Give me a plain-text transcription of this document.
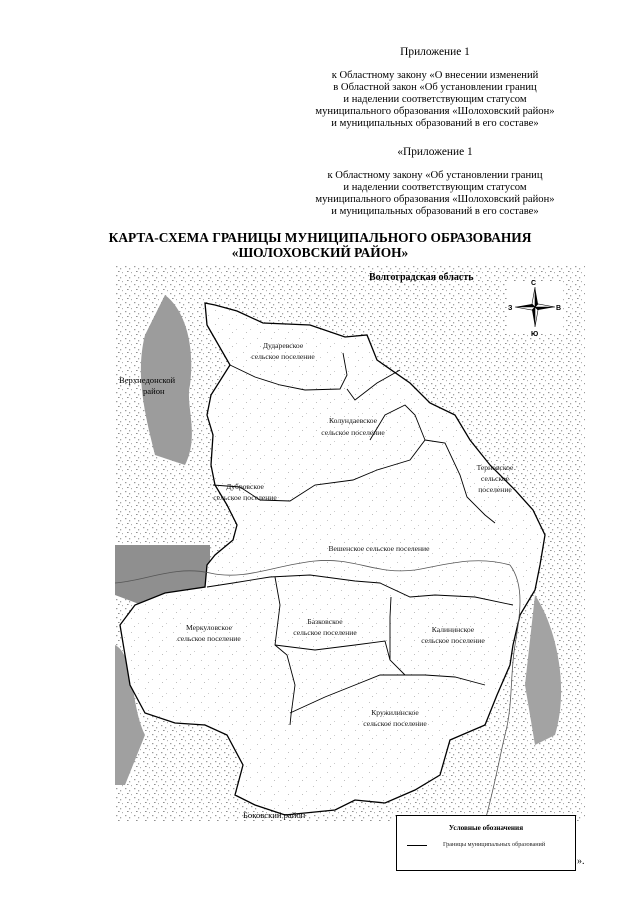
Приложение 1
к Областному закону «О внесении изменений
в Областной закон «Об установлении границ
и наделении соответствующим статусом
муниципального образования «Шолоховский район»
и муниципальных образований в его составе»
«Приложение 1
к Областному закону «Об установлении границ
и наделении соответствующим статусом
муниципального образования «Шолоховский район»
и муниципальных образований в его составе»
КАРТА-СХЕМА ГРАНИЦЫ МУНИЦИПАЛЬНОГО ОБРАЗОВАНИЯ
«ШОЛОХОВСКИЙ РАЙОН»
Волгоградская область
Верхнедонской
район
Боковский район
Дударевское
сельское поселение
Колундаевское
сельское поселение
Дубровское
сельское поселение
Терновское
сельское
поселение
Вешенское сельское поселение
Меркуловское
сельское поселение
Базковское
сельское поселение	Калининское
сельское поселение
Кружилинское
сельское поселение
С
Ю
З	В
Условные обозначения
Границы муниципальных образований
».
